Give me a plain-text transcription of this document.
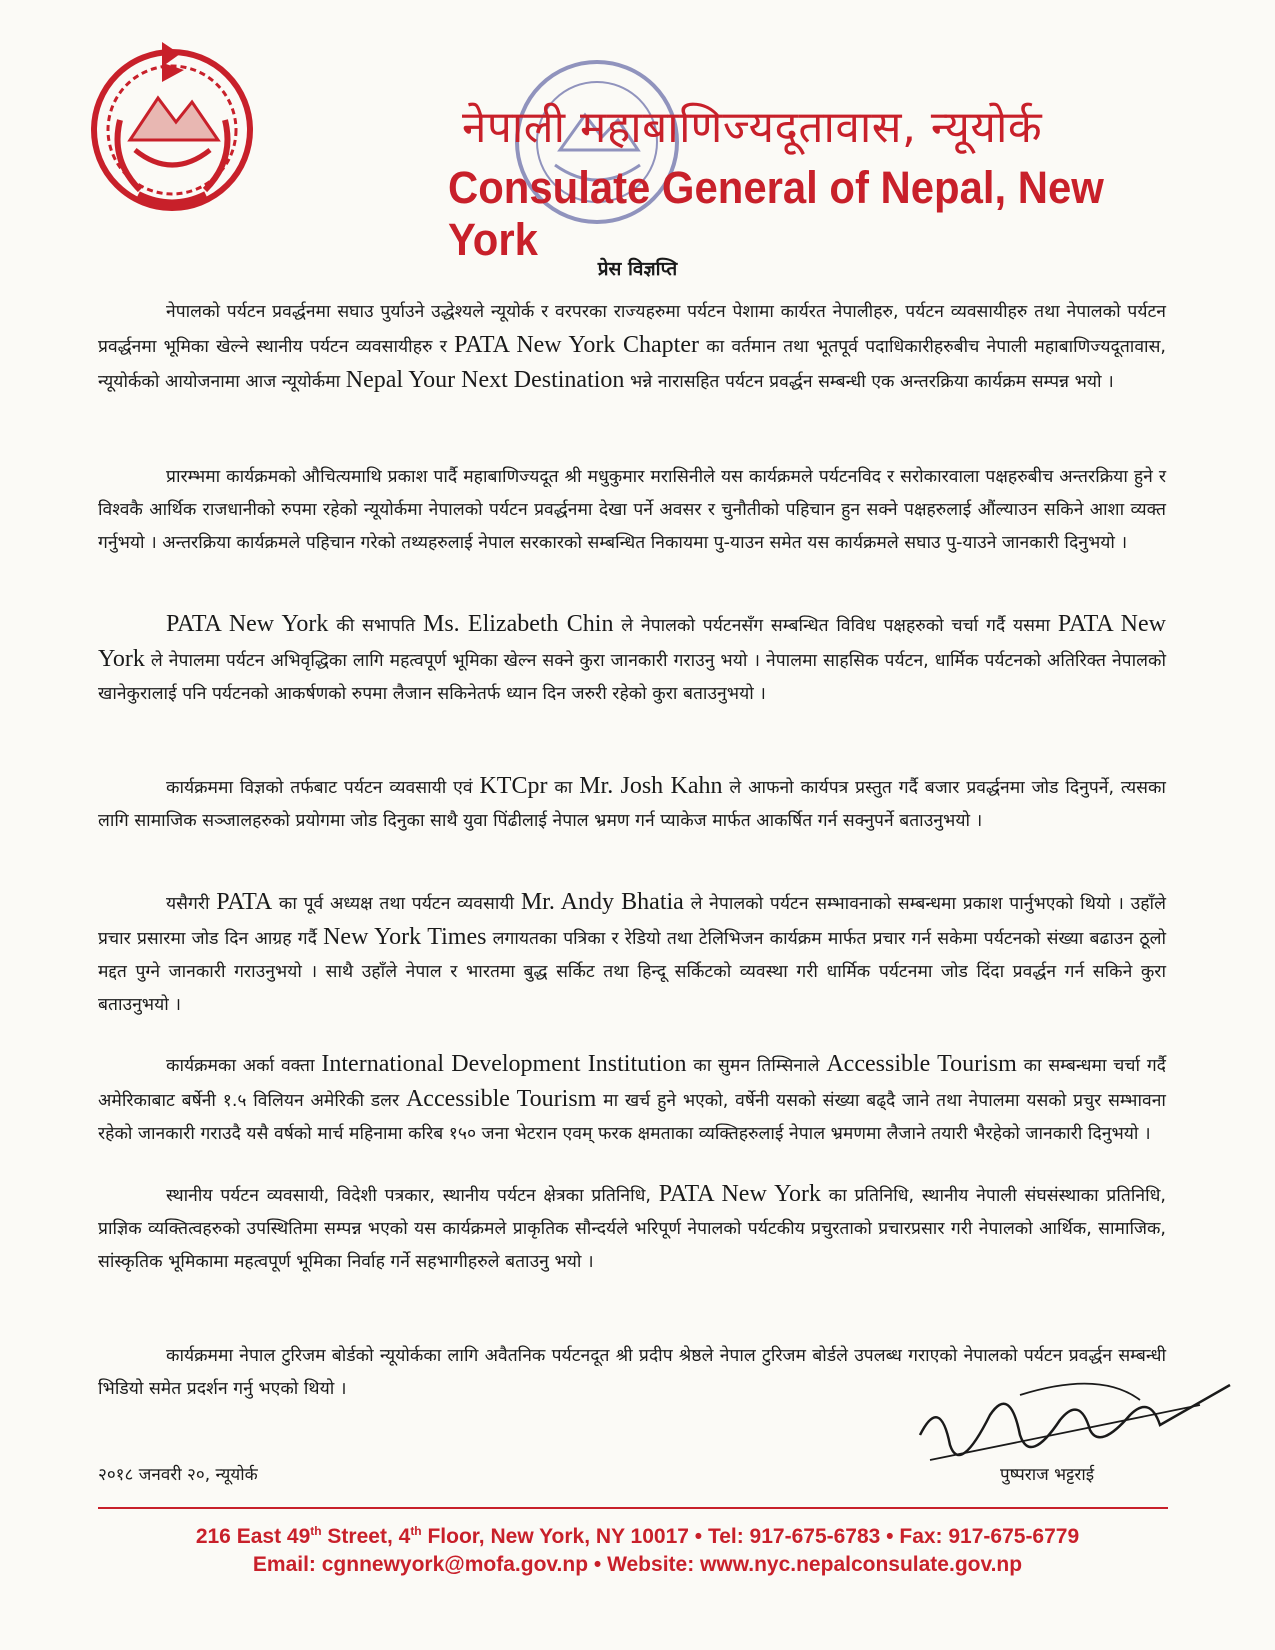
नेपाली महाबाणिज्यदूतावास, न्यूयोर्क
Consulate General of Nepal, New York
प्रेस विज्ञप्ति

नेपालको पर्यटन प्रवर्द्धनमा सघाउ पुर्याउने उद्धेश्यले न्यूयोर्क र वरपरका राज्यहरुमा पर्यटन पेशामा कार्यरत नेपालीहरु, पर्यटन व्यवसायीहरु तथा नेपालको पर्यटन प्रवर्द्धनमा भूमिका खेल्ने स्थानीय पर्यटन व्यवसायीहरु र PATA New York Chapter का वर्तमान तथा भूतपूर्व पदाधिकारीहरुबीच नेपाली महाबाणिज्यदूतावास, न्यूयोर्कको आयोजनामा आज न्यूयोर्कमा Nepal Your Next Destination भन्ने नारासहित पर्यटन प्रवर्द्धन सम्बन्धी एक अन्तरक्रिया कार्यक्रम सम्पन्न भयो ।

प्रारम्भमा कार्यक्रमको औचित्यमाथि प्रकाश पार्दै महाबाणिज्यदूत श्री मधुकुमार मरासिनीले यस कार्यक्रमले पर्यटनविद र सरोकारवाला पक्षहरुबीच अन्तरक्रिया हुने र विश्वकै आर्थिक राजधानीको रुपमा रहेको न्यूयोर्कमा नेपालको पर्यटन प्रवर्द्धनमा देखा पर्ने अवसर र चुनौतीको पहिचान हुन सक्ने पक्षहरुलाई औंल्याउन सकिने आशा व्यक्त गर्नुभयो । अन्तरक्रिया कार्यक्रमले पहिचान गरेको तथ्यहरुलाई नेपाल सरकारको सम्बन्धित निकायमा पु-याउन समेत यस कार्यक्रमले सघाउ पु-याउने जानकारी दिनुभयो ।

PATA New York की सभापति Ms. Elizabeth Chin ले नेपालको पर्यटनसँग सम्बन्धित विविध पक्षहरुको चर्चा गर्दै यसमा PATA New York ले नेपालमा पर्यटन अभिवृद्धिका लागि महत्वपूर्ण भूमिका खेल्न सक्ने कुरा जानकारी गराउनु भयो । नेपालमा साहसिक पर्यटन, धार्मिक पर्यटनको अतिरिक्त नेपालको खानेकुरालाई पनि पर्यटनको आकर्षणको रुपमा लैजान सकिनेतर्फ ध्यान दिन जरुरी रहेको कुरा बताउनुभयो ।

कार्यक्रममा विज्ञको तर्फबाट पर्यटन व्यवसायी एवं KTCpr का Mr. Josh Kahn ले आफनो कार्यपत्र प्रस्तुत गर्दै बजार प्रवर्द्धनमा जोड दिनुपर्ने, त्यसका लागि सामाजिक सञ्जालहरुको प्रयोगमा जोड दिनुका साथै युवा पिंढीलाई नेपाल भ्रमण गर्न प्याकेज मार्फत आकर्षित गर्न सक्नुपर्ने बताउनुभयो ।

यसैगरी PATA का पूर्व अध्यक्ष तथा पर्यटन व्यवसायी Mr. Andy Bhatia ले नेपालको पर्यटन सम्भावनाको सम्बन्धमा प्रकाश पार्नुभएको थियो । उहाँले प्रचार प्रसारमा जोड दिन आग्रह गर्दै New York Times लगायतका पत्रिका र रेडियो तथा टेलिभिजन कार्यक्रम मार्फत प्रचार गर्न सकेमा पर्यटनको संख्या बढाउन ठूलो मद्दत पुग्ने जानकारी गराउनुभयो । साथै उहाँले नेपाल र भारतमा बुद्ध सर्किट तथा हिन्दू सर्किटको व्यवस्था गरी धार्मिक पर्यटनमा जोड दिंदा प्रवर्द्धन गर्न सकिने कुरा बताउनुभयो ।

कार्यक्रमका अर्का वक्ता International Development Institution का सुमन तिम्सिनाले Accessible Tourism का सम्बन्धमा चर्चा गर्दै अमेरिकाबाट बर्षेनी १.५ विलियन अमेरिकी डलर Accessible Tourism मा खर्च हुने भएको, वर्षेनी यसको संख्या बढ्दै जाने तथा नेपालमा यसको प्रचुर सम्भावना रहेको जानकारी गराउदै यसै वर्षको मार्च महिनामा करिब १५० जना भेटरान एवम् फरक क्षमताका व्यक्तिहरुलाई नेपाल भ्रमणमा लैजाने तयारी भैरहेको जानकारी दिनुभयो ।

स्थानीय पर्यटन व्यवसायी, विदेशी पत्रकार, स्थानीय पर्यटन क्षेत्रका प्रतिनिधि, PATA New York का प्रतिनिधि, स्थानीय नेपाली संघसंस्थाका प्रतिनिधि, प्राज्ञिक व्यक्तित्वहरुको उपस्थितिमा सम्पन्न भएको यस कार्यक्रमले प्राकृतिक सौन्दर्यले भरिपूर्ण नेपालको पर्यटकीय प्रचुरताको प्रचारप्रसार गरी नेपालको आर्थिक, सामाजिक, सांस्कृतिक भूमिकामा महत्वपूर्ण भूमिका निर्वाह गर्ने सहभागीहरुले बताउनु भयो ।

कार्यक्रममा नेपाल टुरिजम बोर्डको न्यूयोर्कका लागि अवैतनिक पर्यटनदूत श्री प्रदीप श्रेष्ठले नेपाल टुरिजम बोर्डले उपलब्ध गराएको नेपालको पर्यटन प्रवर्द्धन सम्बन्धी भिडियो समेत प्रदर्शन गर्नु भएको थियो ।

२०१८ जनवरी २०, न्यूयोर्क	पुष्पराज भट्टराई
216 East 49th Street, 4th Floor, New York, NY 10017 • Tel: 917-675-6783 • Fax: 917-675-6779
Email: cgnnewyork@mofa.gov.np • Website: www.nyc.nepalconsulate.gov.np
